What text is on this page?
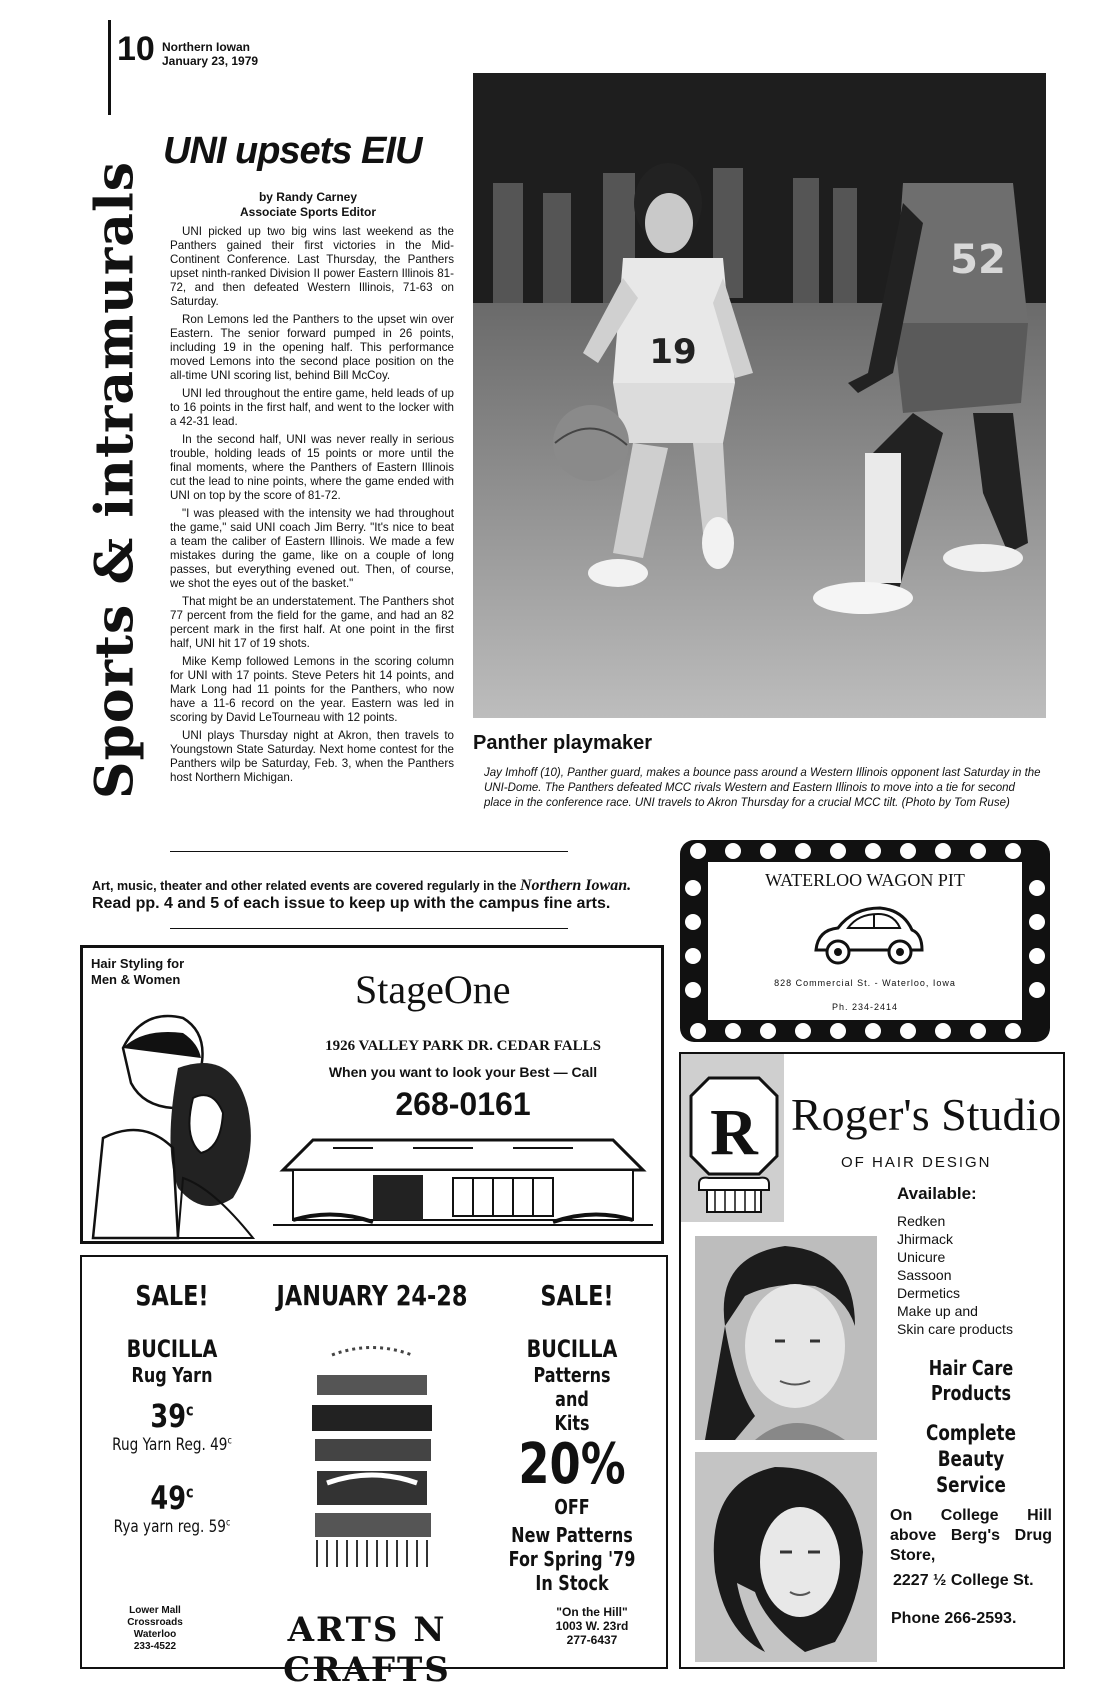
10 Northern Iowan
January 23, 1979
Sports & intramurals
UNI upsets EIU
by Randy Carney
Associate Sports Editor

UNI picked up two big wins last weekend as the Panthers gained their first victories in the Mid-Continent Conference. Last Thursday, the Panthers upset ninth-ranked Division II power Eastern Illinois 81-72, and then defeated Western Illinois, 71-63 on Saturday.

Ron Lemons led the Panthers to the upset win over Eastern. The senior forward pumped in 26 points, including 19 in the opening half. This performance moved Lemons into the second place position on the all-time UNI scoring list, behind Bill McCoy.

UNI led throughout the entire game, held leads of up to 16 points in the first half, and went to the locker with a 42-31 lead.

In the second half, UNI was never really in serious trouble, holding leads of 15 points or more until the final moments, where the Panthers of Eastern Illinois cut the lead to nine points, where the game ended with UNI on top by the score of 81-72.

"I was pleased with the intensity we had throughout the game," said UNI coach Jim Berry. "It's nice to beat a team the caliber of Eastern Illinois. We made a few mistakes during the game, like on a couple of long passes, but everything evened out. Then, of course, we shot the eyes out of the basket."

That might be an understatement. The Panthers shot 77 percent from the field for the game, and had an 82 percent mark in the first half. At one point in the first half, UNI hit 17 of 19 shots.

Mike Kemp followed Lemons in the scoring column for UNI with 17 points. Steve Peters hit 14 points, and Mark Long had 11 points for the Panthers, who now have a 11-6 record on the year. Eastern was led in scoring by David LeTourneau with 12 points.

UNI plays Thursday night at Akron, then travels to Youngstown State Saturday. Next home contest for the Panthers wilp be Saturday, Feb. 3, when the Panthers host Northern Michigan.

19
52
Panther playmaker
Jay Imhoff (10), Panther guard, makes a bounce pass around a Western Illinois opponent last Saturday in the UNI-Dome. The Panthers defeated MCC rivals Western and Eastern Illinois to move into a tie for second place in the conference race. UNI travels to Akron Thursday for a crucial MCC tilt. (Photo by Tom Ruse)
Art, music, theater and other related events are covered regularly in the Northern Iowan.
Read pp. 4 and 5 of each issue to keep up with the campus fine arts.
WATERLOO WAGON PIT
828 Commercial St. - Waterloo, Iowa
Ph. 234-2414
Hair Styling for
Men & Women	StageOne
1926 VALLEY PARK DR. CEDAR FALLS
When you want to look your Best — Call
268-0161	R Roger's Studio
OF HAIR DESIGN
Available:
Redken
Jhirmack
Unicure
Sassoon
Dermetics
Make up and
Skin care products
Hair Care
Products
Complete
Beauty
Service
On College Hill above Berg's Drug Store,
2227 ½ College St.
Phone 266-2593.
SALE!	JANUARY 24-28	SALE!
BUCILLA
Rug Yarn
39$^c$
Rug Yarn Reg. 49$^c$
49$^c$
Rya yarn reg. 59$^c$
BUCILLA
Patterns
and
Kits
20%
OFF
New Patterns
For Spring '79
In Stock
Lower Mall
Crossroads
Waterloo
233-4522	ARTS N CRAFTS
"On the Hill"
1003 W. 23rd
277-6437
